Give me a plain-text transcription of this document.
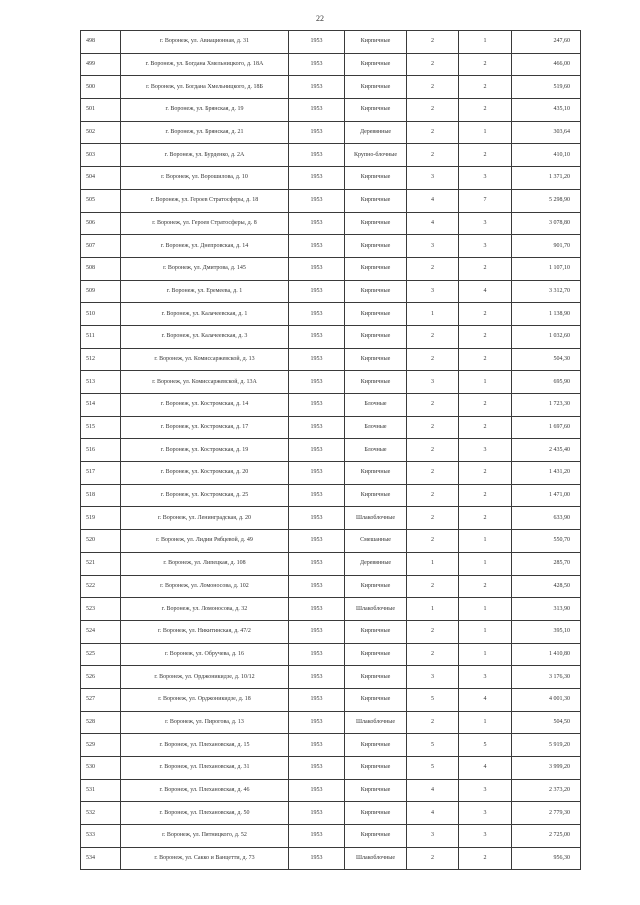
22
498	г. Воронеж, ул. Авиационная, д. 31	1953	Кирпичные	2	1	247,60
499	г. Воронеж, ул. Богдана Хмельницкого, д. 18А	1953	Кирпичные	2	2	466,00
500	г. Воронеж, ул. Богдана Хмельницкого, д. 18Б	1953	Кирпичные	2	2	519,60
501	г. Воронеж, ул. Брянская, д. 19	1953	Кирпичные	2	2	435,10
502	г. Воронеж, ул. Брянская, д. 21	1953	Деревянные	2	1	303,64
503	г. Воронеж, ул. Бурденко, д. 2А	1953	Крупно-блочные	2	2	410,10
504	г. Воронеж, ул. Ворошилова, д. 10	1953	Кирпичные	3	3	1 371,20
505	г. Воронеж, ул. Героев Стратосферы, д. 18	1953	Кирпичные	4	7	5 298,90
506	г. Воронеж, ул. Героев Стратосферы, д. 8	1953	Кирпичные	4	3	3 078,80
507	г. Воронеж, ул. Днепровская, д. 14	1953	Кирпичные	3	3	901,70
508	г. Воронеж, ул. Дмитрова, д. 145	1953	Кирпичные	2	2	1 107,10
509	г. Воронеж, ул. Еремеева, д. 1	1953	Кирпичные	3	4	3 312,70
510	г. Воронеж, ул. Калачеевская, д. 1	1953	Кирпичные	1	2	1 138,90
511	г. Воронеж, ул. Калачеевская, д. 3	1953	Кирпичные	2	2	1 032,60
512	г. Воронеж, ул. Комиссаржевской, д. 13	1953	Кирпичные	2	2	504,30
513	г. Воронеж, ул. Комиссаржевской, д. 13А	1953	Кирпичные	3	1	695,90
514	г. Воронеж, ул. Костромская, д. 14	1953	Блочные	2	2	1 723,30
515	г. Воронеж, ул. Костромская, д. 17	1953	Блочные	2	2	1 697,60
516	г. Воронеж, ул. Костромская, д. 19	1953	Блочные	2	3	2 435,40
517	г. Воронеж, ул. Костромская, д. 20	1953	Кирпичные	2	2	1 431,20
518	г. Воронеж, ул. Костромская, д. 25	1953	Кирпичные	2	2	1 471,00
519	г. Воронеж, ул. Ленинградская, д. 20	1953	Шлакоблочные	2	2	633,90
520	г. Воронеж, ул. Лидии Рябцевой, д. 49	1953	Смешанные	2	1	550,70
521	г. Воронеж, ул. Липецкая, д. 108	1953	Деревянные	1	1	285,70
522	г. Воронеж, ул. Ломоносова, д. 102	1953	Кирпичные	2	2	428,50
523	г. Воронеж, ул. Ломоносова, д. 32	1953	Шлакоблочные	1	1	313,90
524	г. Воронеж, ул. Никитинская, д. 47/2	1953	Кирпичные	2	1	395,10
525	г. Воронеж, ул. Обручева, д. 16	1953	Кирпичные	2	1	1 410,80
526	г. Воронеж, ул. Орджоникидзе, д. 10/12	1953	Кирпичные	3	3	3 176,30
527	г. Воронеж, ул. Орджоникидзе, д. 18	1953	Кирпичные	5	4	4 001,30
528	г. Воронеж, ул. Пирогова, д. 13	1953	Шлакоблочные	2	1	504,50
529	г. Воронеж, ул. Плехановская, д. 15	1953	Кирпичные	5	5	5 919,20
530	г. Воронеж, ул. Плехановская, д. 31	1953	Кирпичные	5	4	3 999,20
531	г. Воронеж, ул. Плехановская, д. 46	1953	Кирпичные	4	3	2 373,20
532	г. Воронеж, ул. Плехановская, д. 50	1953	Кирпичные	4	3	2 779,30
533	г. Воронеж, ул. Пятницкого, д. 52	1953	Кирпичные	3	3	2 725,00
534	г. Воронеж, ул. Сакко и Ванцетти, д. 73	1953	Шлакоблочные	2	2	956,30
